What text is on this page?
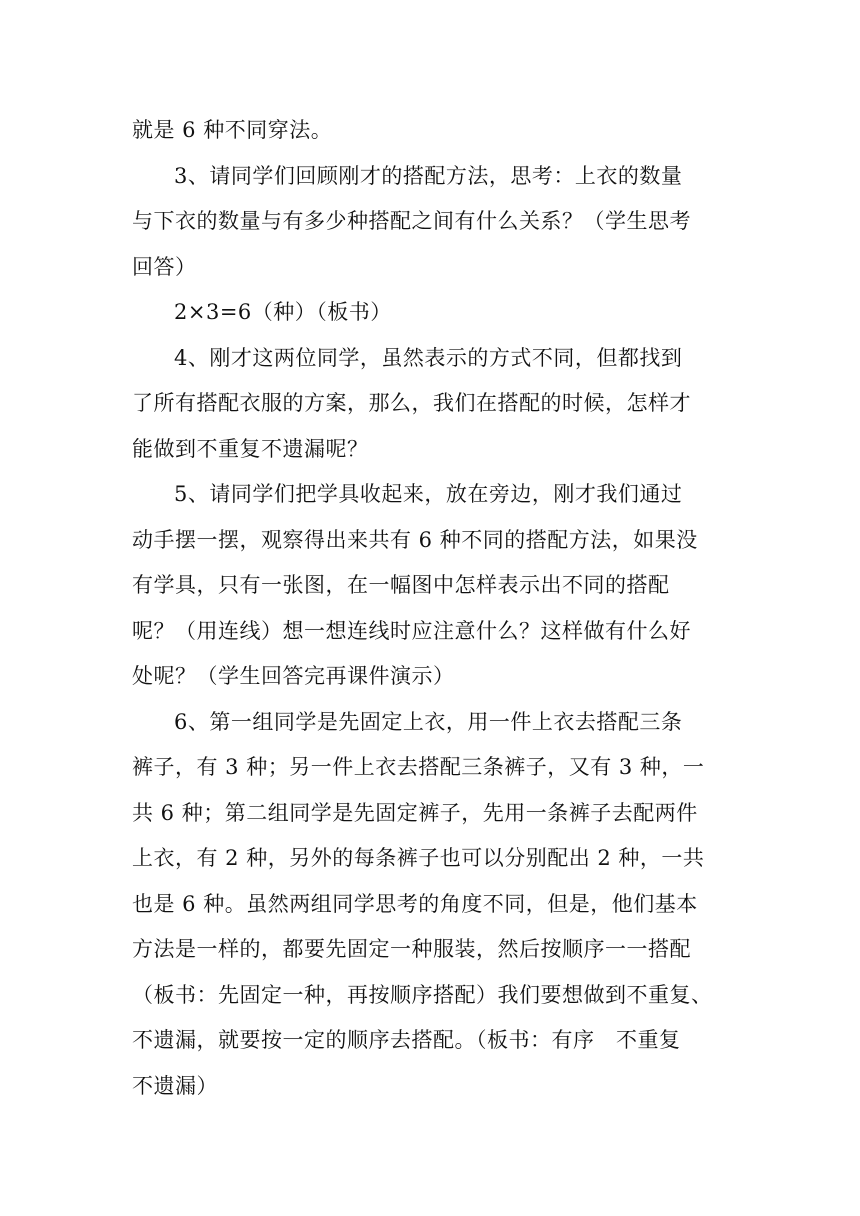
就是 6 种不同穿法。

3、请同学们回顾刚才的搭配方法，思考：上衣的数量
与下衣的数量与有多少种搭配之间有什么关系？（学生思考
回答）

2×3=6（种）（板书）

4、刚才这两位同学，虽然表示的方式不同，但都找到
了所有搭配衣服的方案，那么，我们在搭配的时候，怎样才
能做到不重复不遗漏呢？

5、请同学们把学具收起来，放在旁边，刚才我们通过
动手摆一摆，观察得出来共有 6 种不同的搭配方法，如果没
有学具，只有一张图，在一幅图中怎样表示出不同的搭配
呢？（用连线）想一想连线时应注意什么？这样做有什么好
处呢？（学生回答完再课件演示）

6、第一组同学是先固定上衣，用一件上衣去搭配三条
裤子，有 3 种；另一件上衣去搭配三条裤子，又有 3 种，一
共 6 种；第二组同学是先固定裤子，先用一条裤子去配两件
上衣，有 2 种，另外的每条裤子也可以分别配出 2 种，一共
也是 6 种。虽然两组同学思考的角度不同，但是，他们基本
方法是一样的，都要先固定一种服装，然后按顺序一一搭配
（板书：先固定一种，再按顺序搭配）我们要想做到不重复、
不遗漏，就要按一定的顺序去搭配。（板书：有序　不重复
不遗漏）
